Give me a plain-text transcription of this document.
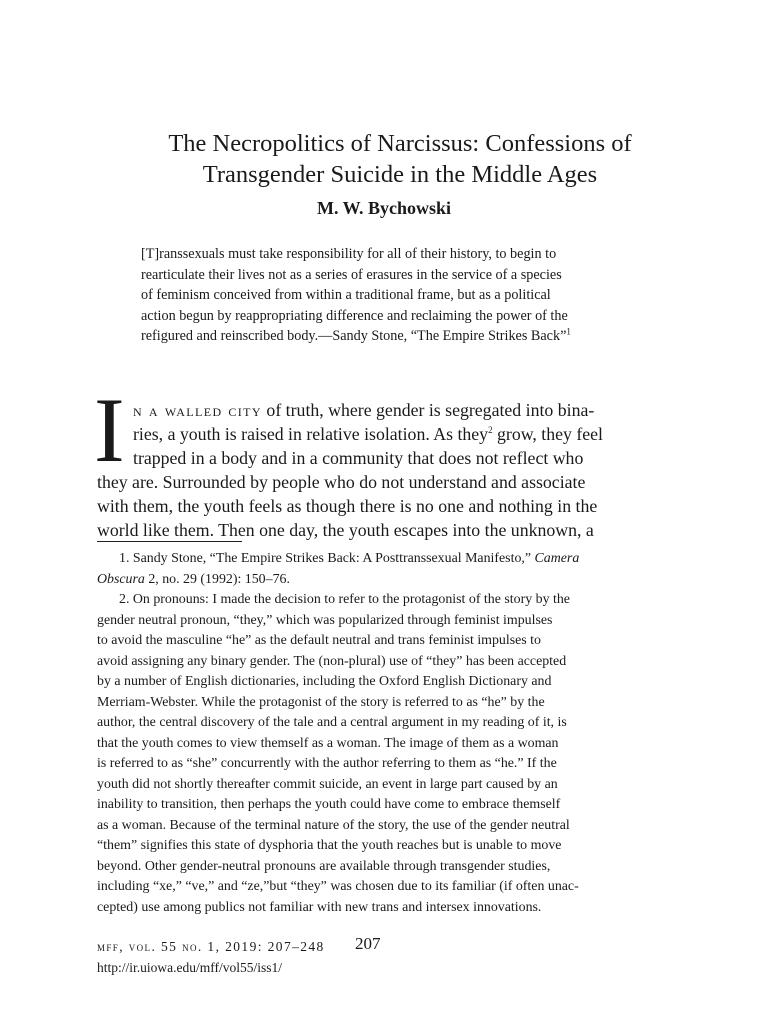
The Necropolitics of Narcissus: Confessions of
Transgender Suicide in the Middle Ages
M. W. Bychowski
[T]ranssexuals must take responsibility for all of their history, to begin to
rearticulate their lives not as a series of erasures in the service of a species
of feminism conceived from within a traditional frame, but as a political
action begun by reappropriating difference and reclaiming the power of the
refigured and reinscribed body.—Sandy Stone, “The Empire Strikes Back”$^1$
I n a walled city of truth, where gender is segregated into bina-
ries, a youth is raised in relative isolation. As they$^2$ grow, they feel
trapped in a body and in a community that does not reflect who
they are. Surrounded by people who do not understand and associate
with them, the youth feels as though there is no one and nothing in the
world like them. Then one day, the youth escapes into the unknown, a
1. Sandy Stone, “The Empire Strikes Back: A Posttranssexual Manifesto,” Camera
Obscura 2, no. 29 (1992): 150–76.
2. On pronouns: I made the decision to refer to the protagonist of the story by the
gender neutral pronoun, “they,” which was popularized through feminist impulses
to avoid the masculine “he” as the default neutral and trans feminist impulses to
avoid assigning any binary gender. The (non-plural) use of “they” has been accepted
by a number of English dictionaries, including the Oxford English Dictionary and
Merriam-Webster. While the protagonist of the story is referred to as “he” by the
author, the central discovery of the tale and a central argument in my reading of it, is
that the youth comes to view themself as a woman. The image of them as a woman
is referred to as “she” concurrently with the author referring to them as “he.” If the
youth did not shortly thereafter commit suicide, an event in large part caused by an
inability to transition, then perhaps the youth could have come to embrace themself
as a woman. Because of the terminal nature of the story, the use of the gender neutral
“them” signifies this state of dysphoria that the youth reaches but is unable to move
beyond. Other gender-neutral pronouns are available through transgender studies,
including “xe,” “ve,” and “ze,”but “they” was chosen due to its familiar (if often unac-
cepted) use among publics not familiar with new trans and intersex innovations.
mff, vol. 55 no. 1, 2019: 207–248	207
http://ir.uiowa.edu/mff/vol55/iss1/
